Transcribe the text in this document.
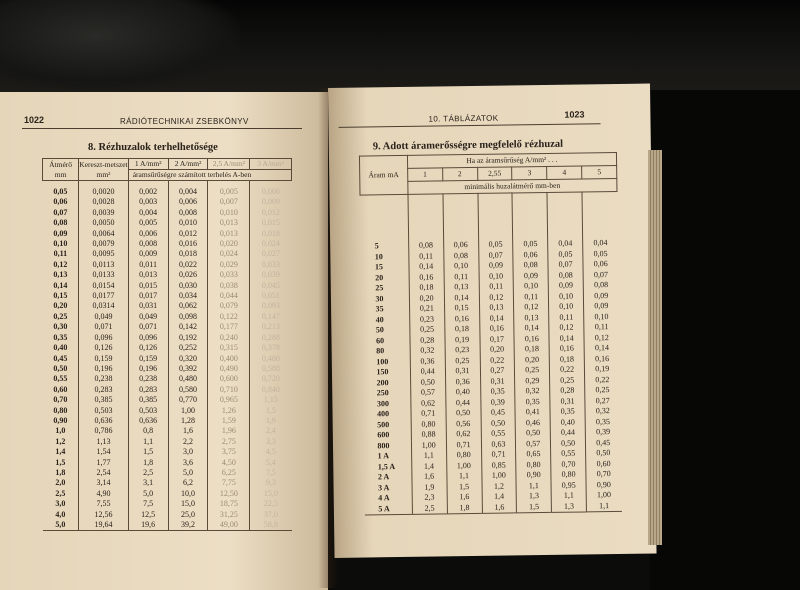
1022	RÁDIÓTECHNIKAI ZSEBKÖNYV
8. Rézhuzalok terhelhetősége
Átmérő mm	Kereszt-metszet mm²	1 A/mm²	2 A/mm²	2,5 A/mm²	3 A/mm²
		áramsűrűségre számított terhelés A-ben			
0,05	0,0020	0,002	0,004	0,005	0,006
0,06	0,0028	0,003	0,006	0,007	0,009
0,07	0,0039	0,004	0,008	0,010	0,012
0,08	0,0050	0,005	0,010	0,013	0,015
0,09	0,0064	0,006	0,012	0,013	0,018
0,10	0,0079	0,008	0,016	0,020	0,024
0,11	0,0095	0,009	0,018	0,024	0,027
0,12	0,0113	0,011	0,022	0,029	0,033
0,13	0,0133	0,013	0,026	0,033	0,039
0,14	0,0154	0,015	0,030	0,038	0,045
0,15	0,0177	0,017	0,034	0,044	0,051
0,20	0,0314	0,031	0,062	0,079	0,093
0,25	0,049	0,049	0,098	0,122	0,147
0,30	0,071	0,071	0,142	0,177	0,213
0,35	0,096	0,096	0,192	0,240	0,288
0,40	0,126	0,126	0,252	0,315	0,378
0,45	0,159	0,159	0,320	0,400	0,480
0,50	0,196	0,196	0,392	0,490	0,588
0,55	0,238	0,238	0,480	0,600	0,720
0,60	0,283	0,283	0,580	0,710	0,840
0,70	0,385	0,385	0,770	0,965	1,15
0,80	0,503	0,503	1,00	1,26	1,5
0,90	0,636	0,636	1,28	1,59	1,9
1,0	0,786	0,8	1,6	1,96	2,4
1,2	1,13	1,1	2,2	2,75	3,3
1,4	1,54	1,5	3,0	3,75	4,5
1,5	1,77	1,8	3,6	4,50	5,4
1,8	2,54	2,5	5,0	6,25	7,5
2,0	3,14	3,1	6,2	7,75	9,3
2,5	4,90	5,0	10,0	12,50	15,0
3,0	7,55	7,5	15,0	18,75	22,5
4,0	12,56	12,5	25,0	31,25	37,0
5,0	19,64	19,6	39,2	49,00	58,8
10. TÁBLÁZATOK	1023
9. Adott áramerősségre megfelelő rézhuzal
Áram mA	Ha az áramsűrűség A/mm² . . .					
	1	2	2,55	3	4	5
	minimális huzalátmérő mm-ben					
5	0,08	0,06	0,05	0,05	0,04	0,04
10	0,11	0,08	0,07	0,06	0,05	0,05
15	0,14	0,10	0,09	0,08	0,07	0,06
20	0,16	0,11	0,10	0,09	0,08	0,07
25	0,18	0,13	0,11	0,10	0,09	0,08
30	0,20	0,14	0,12	0,11	0,10	0,09
35	0,21	0,15	0,13	0,12	0,10	0,09
40	0,23	0,16	0,14	0,13	0,11	0,10
50	0,25	0,18	0,16	0,14	0,12	0,11
60	0,28	0,19	0,17	0,16	0,14	0,12
80	0,32	0,23	0,20	0,18	0,16	0,14
100	0,36	0,25	0,22	0,20	0,18	0,16
150	0,44	0,31	0,27	0,25	0,22	0,19
200	0,50	0,36	0,31	0,29	0,25	0,22
250	0,57	0,40	0,35	0,32	0,28	0,25
300	0,62	0,44	0,39	0,35	0,31	0,27
400	0,71	0,50	0,45	0,41	0,35	0,32
500	0,80	0,56	0,50	0,46	0,40	0,35
600	0,88	0,62	0,55	0,50	0,44	0,39
800	1,00	0,71	0,63	0,57	0,50	0,45
1 A	1,1	0,80	0,71	0,65	0,55	0,50
1,5 A	1,4	1,00	0,85	0,80	0,70	0,60
2 A	1,6	1,1	1,00	0,90	0,80	0,70
3 A	1,9	1,5	1,2	1,1	0,95	0,90
4 A	2,3	1,6	1,4	1,3	1,1	1,00
5 A	2,5	1,8	1,6	1,5	1,3	1,1
